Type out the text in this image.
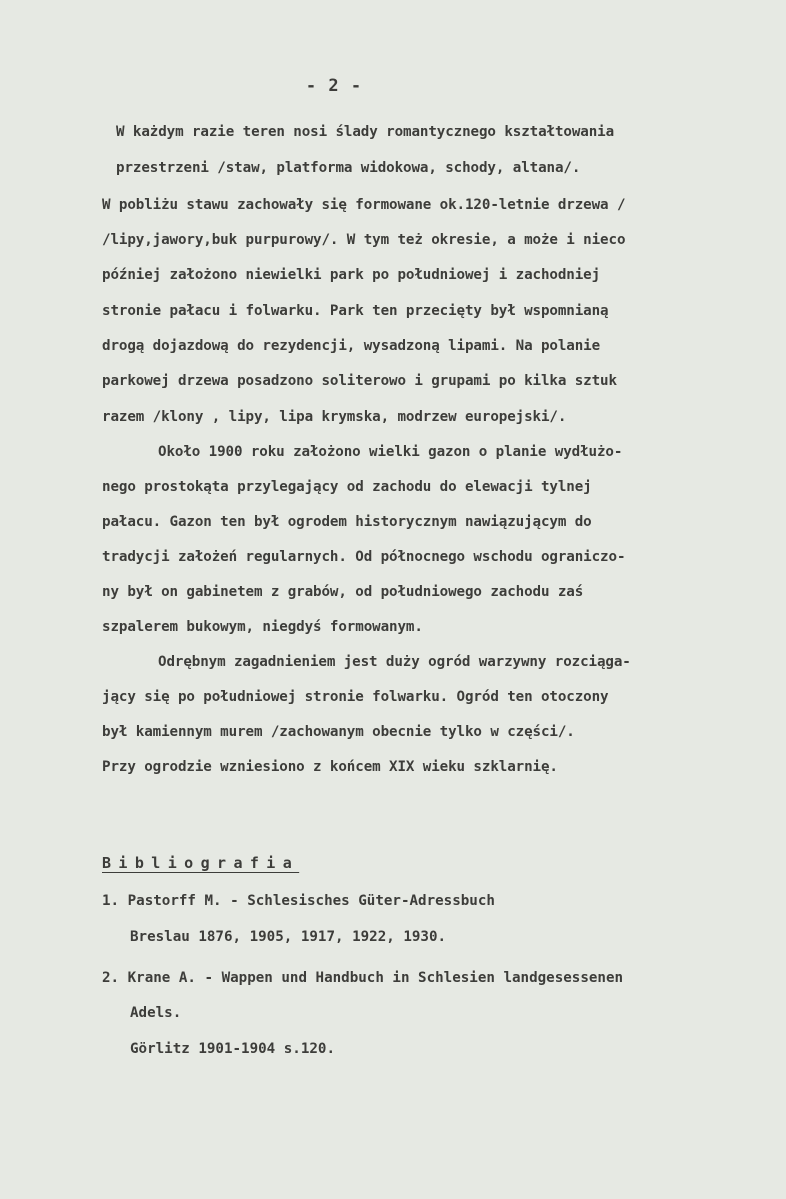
- 2 -
W każdym razie teren nosi ślady romantycznego kształtowania
przestrzeni /staw, platforma widokowa, schody, altana/.
W pobliżu stawu zachowały się formowane ok.120-letnie drzewa /
/lipy,jawory,buk purpurowy/. W tym też okresie, a może i nieco
później założono niewielki park po południowej i zachodniej
stronie pałacu i folwarku. Park ten przecięty był wspomnianą
drogą dojazdową do rezydencji, wysadzoną lipami. Na polanie
parkowej drzewa posadzono soliterowo i grupami po kilka sztuk
razem /klony , lipy, lipa krymska, modrzew europejski/.
Około 1900 roku założono wielki gazon o planie wydłużo-
nego prostokąta przylegający od zachodu do elewacji tylnej
pałacu. Gazon ten był ogrodem historycznym nawiązującym do
tradycji założeń regularnych. Od północnego wschodu ograniczo-
ny był on gabinetem z grabów, od południowego zachodu zaś
szpalerem bukowym, niegdyś formowanym.
Odrębnym zagadnieniem jest duży ogród warzywny rozciąga-
jący się po południowej stronie folwarku. Ogród ten otoczony
był kamiennym murem /zachowanym obecnie tylko w części/.
Przy ogrodzie wzniesiono z końcem XIX wieku szklarnię.
Bibliografia
1. Pastorff M. - Schlesisches Güter-Adressbuch
Breslau 1876, 1905, 1917, 1922, 1930.
2. Krane A. - Wappen und Handbuch in Schlesien landgesessenen
Adels.
Görlitz 1901-1904 s.120.
